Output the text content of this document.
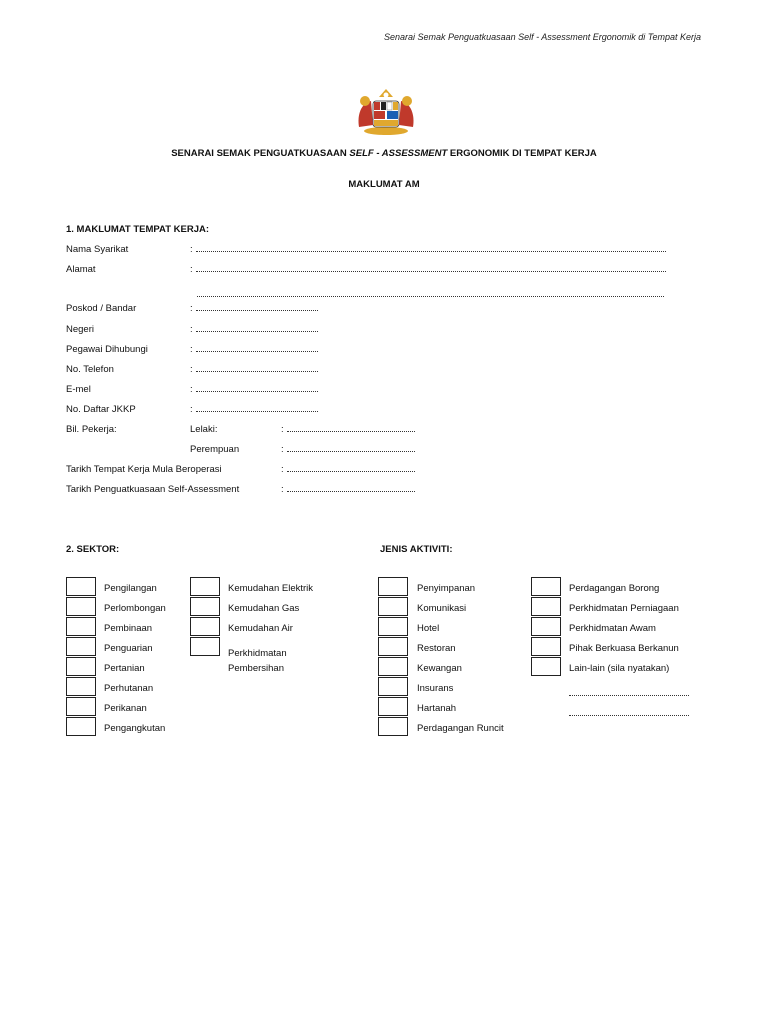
Senarai Semak Penguatkuasaan Self - Assessment Ergonomik di Tempat Kerja
SENARAI SEMAK PENGUATKUASAAN SELF - ASSESSMENT ERGONOMIK DI TEMPAT KERJA
MAKLUMAT AM
1. MAKLUMAT TEMPAT KERJA:
Nama Syarikat	:
Alamat	:
Poskod / Bandar	:
Negeri	:
Pegawai Dihubungi	:
No. Telefon	:
E-mel	:
No. Daftar JKKP	:
Bil. Pekerja:	Lelaki:	:
Perempuan	:
Tarikh Tempat Kerja Mula Beroperasi	:
Tarikh Penguatkuasaan Self-Assessment	:
2. SEKTOR:	JENIS AKTIVITI:
Pengilangan
Perlombongan
Pembinaan
Penguarian
Pertanian
Perhutanan
Perikanan
Pengangkutan
Kemudahan Elektrik
Kemudahan Gas
Kemudahan Air
Perkhidmatan
Pembersihan
Penyimpanan
Komunikasi
Hotel
Restoran
Kewangan
Insurans
Hartanah
Perdagangan Runcit
Perdagangan Borong
Perkhidmatan Perniagaan
Perkhidmatan Awam
Pihak Berkuasa Berkanun
Lain-lain (sila nyatakan)
